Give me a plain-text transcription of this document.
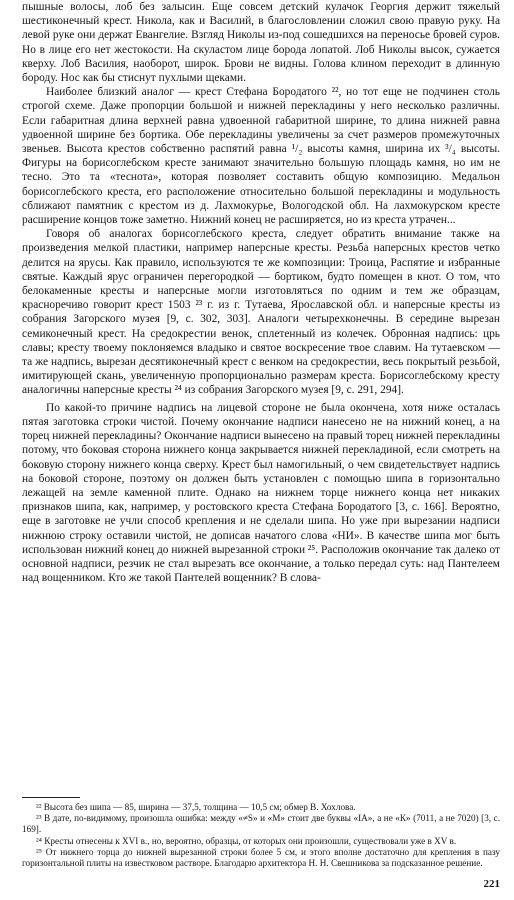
пышные волосы, лоб без залысин. Еще совсем детский кулачок Георгия держит тяжелый шестиконечный крест. Никола, как и Василий, в благословлении сложил свою правую руку. На левой руке они держат Евангелие. Взгляд Николы из-под сошедшихся на переносье бровей суров. Но в лице его нет жестокости. На скуластом лице борода лопатой. Лоб Николы высок, сужается кверху. Лоб Василия, наоборот, широк. Брови не видны. Голова клином переходит в длинную бороду. Нос как бы стиснут пухлыми щеками.

Наиболее близкий аналог — крест Стефана Бородатого ²², но тот еще не подчинен столь строгой схеме. Даже пропорции большой и нижней перекладины у него несколько различны. Если габаритная длина верхней равна удвоенной габаритной ширине, то длина нижней равна удвоенной ширине без бортика. Обе перекладины увеличены за счет размеров промежуточных звеньев. Высота крестов собственно распятий равна ¹/₂ высоты камня, ширина их ³/₄ высоты. Фигуры на борисоглебском кресте занимают значительно большую площадь камня, но им не тесно. Это та «теснота», которая позволяет составить общую композицию. Медальон борисоглебского креста, его расположение относительно большой перекладины и модульность сближают памятник с крестом из д. Лахмокурье, Вологодской обл. На лахмокурском кресте расширение концов тоже заметно. Нижний конец не расширяется, но из креста утрачен...

Говоря об аналогах борисоглебского креста, следует обратить внимание также на произведения мелкой пластики, например наперсные кресты. Резьба наперсных крестов четко делится на ярусы. Как правило, используются те же композиции: Троица, Распятие и избранные святые. Каждый ярус ограничен перегородкой — бортиком, будто помещен в кнот. О том, что белокаменные кресты и наперсные могли изготовляться по одним и тем же образцам, красноречиво говорит крест 1503 ²³ г. из г. Тутаева, Ярославской обл. и наперсные кресты из собрания Загорского музея [9, с. 302, 303]. Аналоги четырехконечны. В середине вырезан семиконечный крест. На средокрестии венок, сплетенный из колечек. Обронная надпись: црь славы; кресту твоему поклоняемся владыко и святое воскресение твое славим. На тутаевском — та же надпись, вырезан десятиконечный крест с венком на средокрестии, весь покрытый резьбой, имитирующей скань, увеличенную пропорционально размерам креста. Борисоглебскому кресту аналогичны наперсные кресты ²⁴ из собрания Загорского музея [9, с. 291, 294].

По какой-то причине надпись на лицевой стороне не была окончена, хотя ниже осталась пятая заготовка строки чистой. Почему окончание надписи нанесено не на нижний конец, а на торец нижней перекладины? Окончание надписи вынесено на правый торец нижней перекладины потому, что боковая сторона нижнего конца закрывается нижней перекладиной, если смотреть на боковую сторону нижнего конца сверху. Крест был намогильный, о чем свидетельствует надпись на боковой стороне, поэтому он должен быть установлен с помощью шипа в горизонтально лежащей на земле каменной плите. Однако на нижнем торце нижнего конца нет никаких признаков шипа, как, например, у ростовского креста Стефана Бородатого [3, с. 166]. Вероятно, еще в заготовке не учли способ крепления и не сделали шипа. Но уже при вырезании надписи нижнюю строку оставили чистой, не дописав начатого слова «НИ». В качестве шипа мог быть использован нижний конец до нижней вырезанной строки ²⁵. Расположив окончание так далеко от основной надписи, резчик не стал вырезать все окончание, а только передал суть: над Пантелеем над вощенником. Кто же такой Пантелей вощенник? В слова-

²² Высота без шипа — 85, ширина — 37,5, толщина — 10,5 см; обмер В. Хохлова.

²³ В дате, по-видимому, произошла ошибка: между «≠S» и «М» стоит две буквы «IA», а не «К» (7011, а не 7020) [3, с. 169].

²⁴ Кресты отнесены к XVI в., но, вероятно, образцы, от которых они произошли, существовали уже в XV в.

²⁵ От нижнего торца до нижней вырезанной строки более 5 см, и этого вполне достаточно для крепления в пазу горизонтальной плиты на известковом растворе. Благодарю архитектора Н. Н. Свешникова за подсказанное решение.

221
